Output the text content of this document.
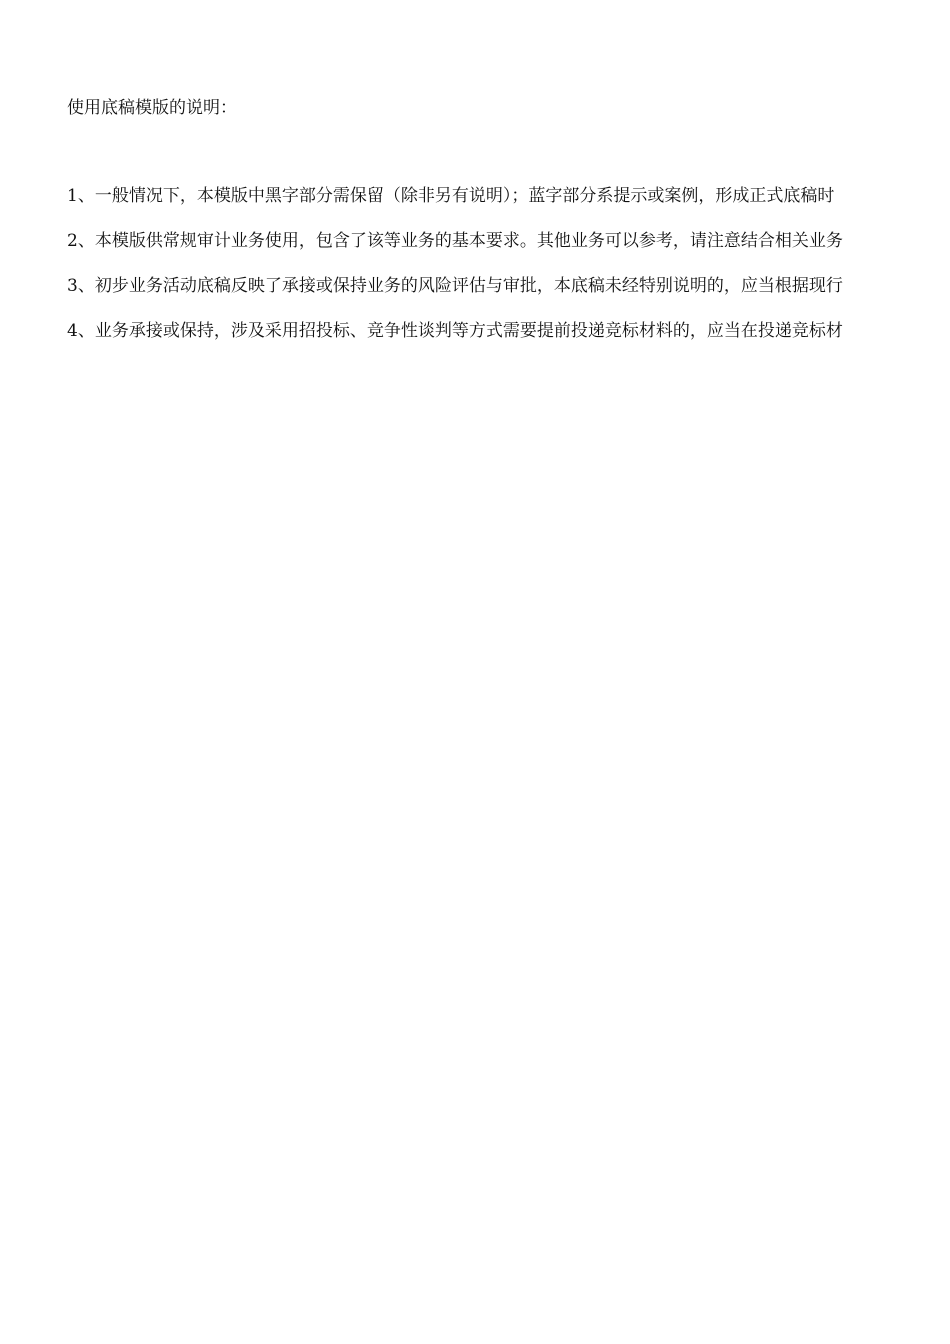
使用底稿模版的说明：
1、一般情况下，本模版中黑字部分需保留（除非另有说明）；蓝字部分系提示或案例，形成正式底稿时
2、本模版供常规审计业务使用，包含了该等业务的基本要求。其他业务可以参考，请注意结合相关业务
3、初步业务活动底稿反映了承接或保持业务的风险评估与审批，本底稿未经特别说明的，应当根据现行
4、业务承接或保持，涉及采用招投标、竞争性谈判等方式需要提前投递竞标材料的，应当在投递竞标材
